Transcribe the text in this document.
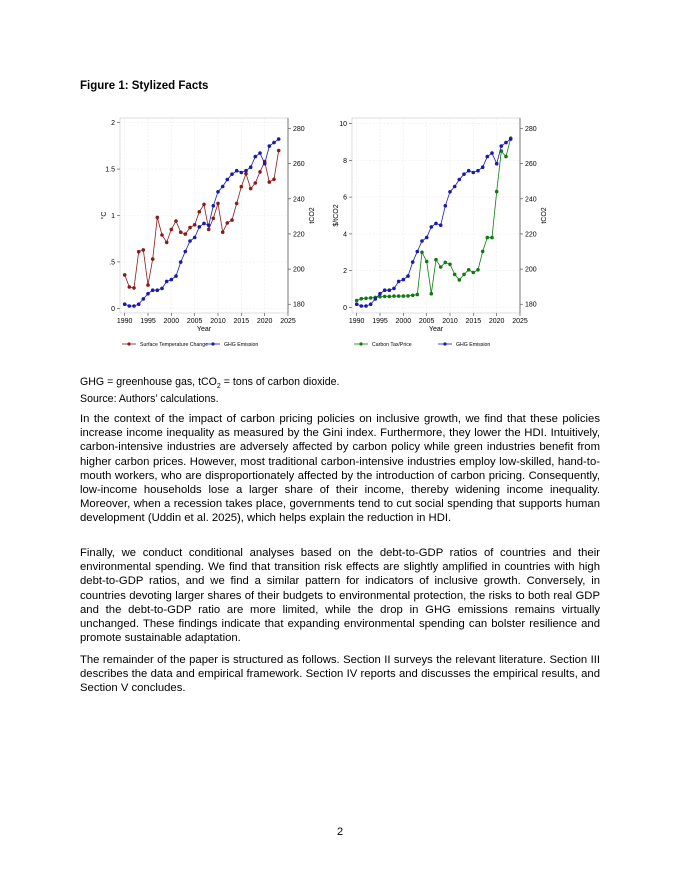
Figure 1: Stylized Facts
1990 1995 2000 2005 2010 2015 2020 2025
Year
0
.5
1
1.5
2
°C
180
200
220
240
260
280
tCO2
Surface Temperature Change	GHG Emission
1990 1995 2000 2005 2010 2015 2020 2025
Year
0
2
4
6
8
10
$/tCO2
180
200
220
240
260
280
tCO2
Carbon Tax/Price	GHG Emission
GHG = greenhouse gas, tCO$_2$ = tons of carbon dioxide.
Source: Authors’ calculations.

In the context of the impact of carbon pricing policies on inclusive growth, we find that these policies increase income inequality as measured by the Gini index. Furthermore, they lower the HDI. Intuitively, carbon-intensive industries are adversely affected by carbon policy while green industries benefit from higher carbon prices. However, most traditional carbon-intensive industries employ low-skilled, hand-to-mouth workers, who are disproportionately affected by the introduction of carbon pricing. Consequently, low-income households lose a larger share of their income, thereby widening income inequality. Moreover, when a recession takes place, governments tend to cut social spending that supports human development (Uddin et al. 2025), which helps explain the reduction in HDI.

Finally, we conduct conditional analyses based on the debt-to-GDP ratios of countries and their environmental spending. We find that transition risk effects are slightly amplified in countries with high debt-to-GDP ratios, and we find a similar pattern for indicators of inclusive growth. Conversely, in countries devoting larger shares of their budgets to environmental protection, the risks to both real GDP and the debt-to-GDP ratio are more limited, while the drop in GHG emissions remains virtually unchanged. These findings indicate that expanding environmental spending can bolster resilience and promote sustainable adaptation.

The remainder of the paper is structured as follows. Section II surveys the relevant literature. Section III describes the data and empirical framework. Section IV reports and discusses the empirical results, and Section V concludes.

2
